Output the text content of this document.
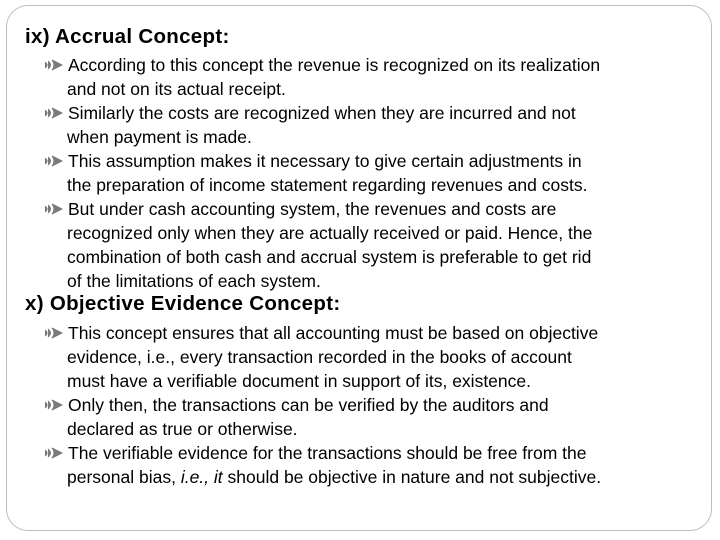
ix) Accrual Concept:
According to this concept the revenue is recognized on its realization
and not on its actual receipt.
Similarly the costs are recognized when they are incurred and not
when payment is made.
This assumption makes it necessary to give certain adjustments in
the preparation of income statement regarding revenues and costs.
But under cash accounting system, the revenues and costs are
recognized only when they are actually received or paid. Hence, the
combination of both cash and accrual system is preferable to get rid
of the limitations of each system.
x) Objective Evidence Concept:
This concept ensures that all accounting must be based on objective
evidence, i.e., every transaction recorded in the books of account
must have a verifiable document in support of its, existence.
Only then, the transactions can be verified by the auditors and
declared as true or otherwise.
The verifiable evidence for the transactions should be free from the
personal bias, i.e., it should be objective in nature and not subjective.
